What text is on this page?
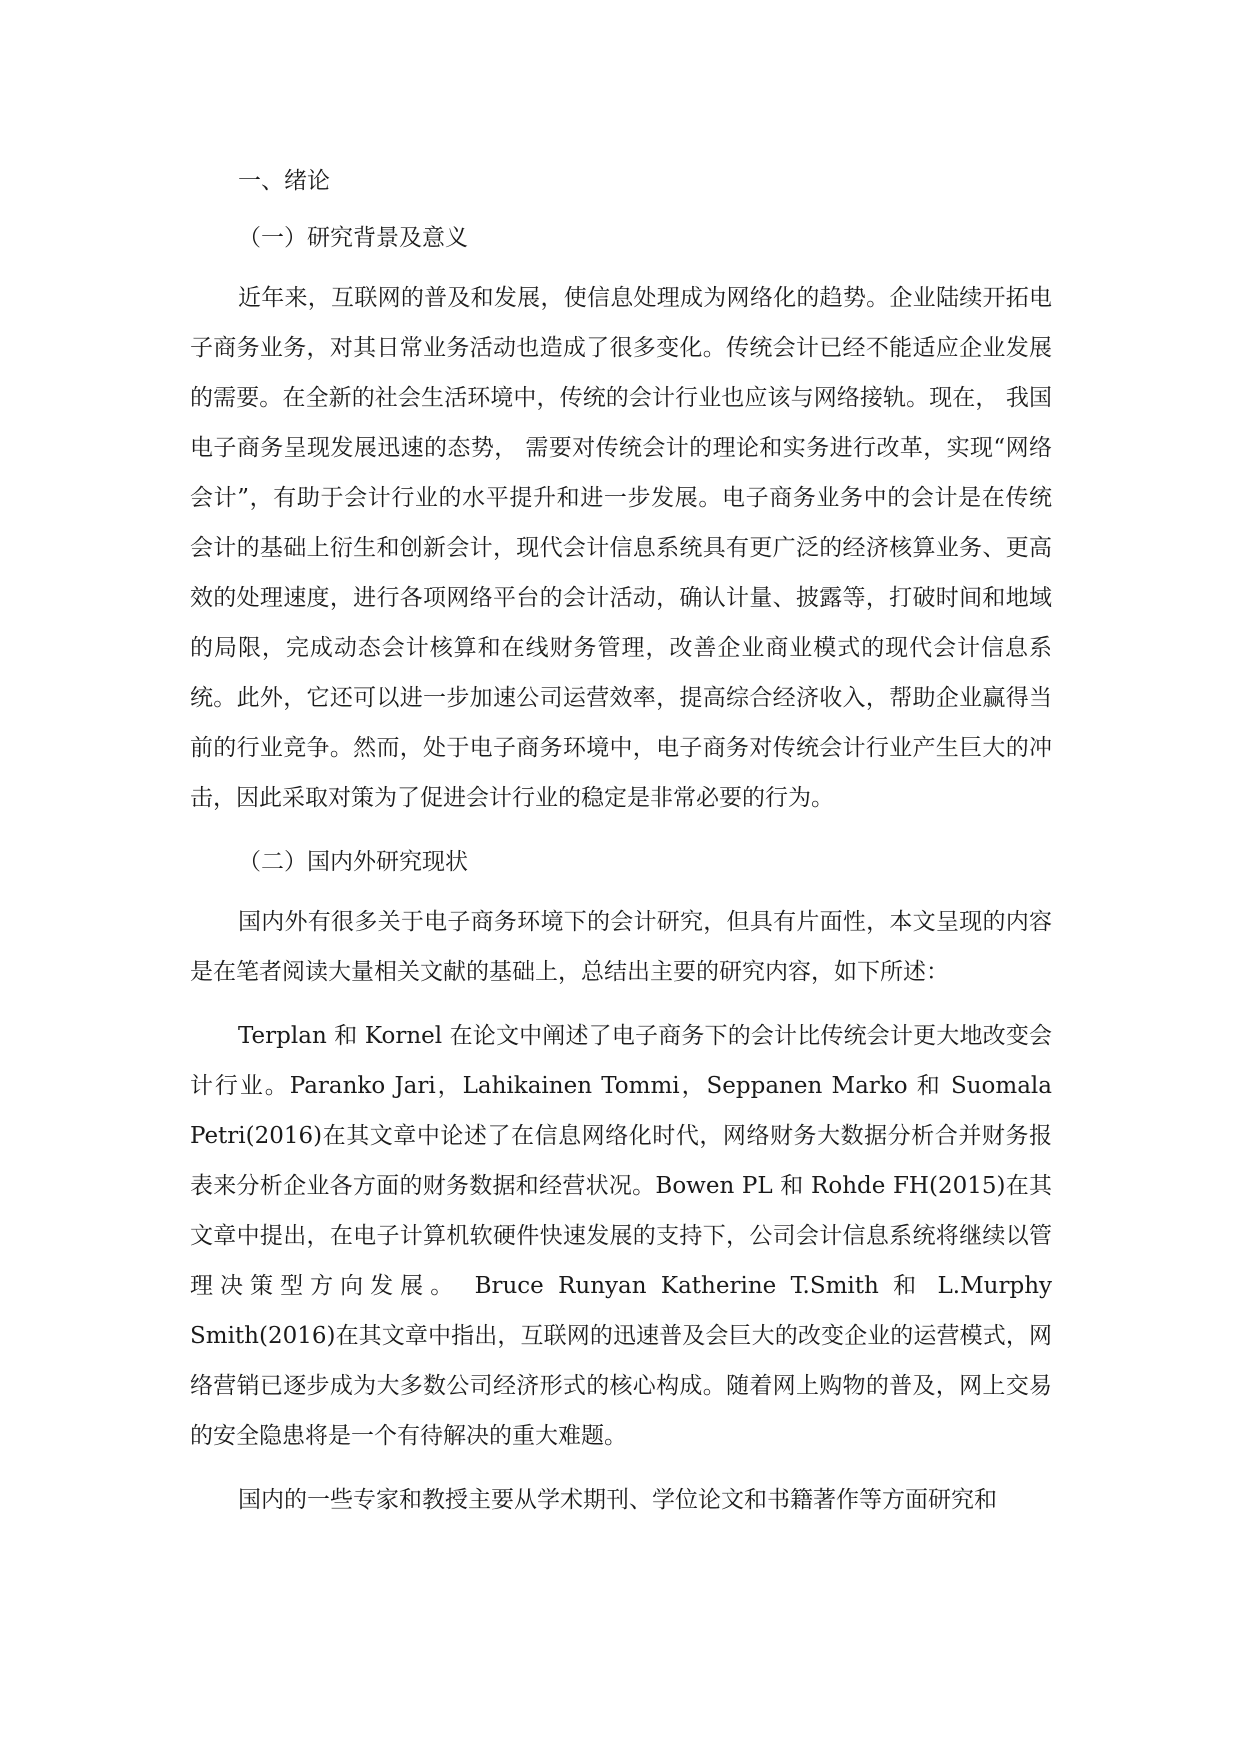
一、绪论
（一）研究背景及意义

近年来，互联网的普及和发展，使信息处理成为网络化的趋势。企业陆续开拓电子商务业务，对其日常业务活动也造成了很多变化。传统会计已经不能适应企业发展的需要。在全新的社会生活环境中，传统的会计行业也应该与网络接轨。现在， 我国电子商务呈现发展迅速的态势， 需要对传统会计的理论和实务进行改革，实现“网络会计”，有助于会计行业的水平提升和进一步发展。电子商务业务中的会计是在传统会计的基础上衍生和创新会计，现代会计信息系统具有更广泛的经济核算业务、更高效的处理速度，进行各项网络平台的会计活动，确认计量、披露等，打破时间和地域的局限，完成动态会计核算和在线财务管理，改善企业商业模式的现代会计信息系统。此外，它还可以进一步加速公司运营效率，提高综合经济收入，帮助企业赢得当前的行业竞争。然而，处于电子商务环境中，电子商务对传统会计行业产生巨大的冲击，因此采取对策为了促进会计行业的稳定是非常必要的行为。

（二）国内外研究现状

国内外有很多关于电子商务环境下的会计研究，但具有片面性，本文呈现的内容是在笔者阅读大量相关文献的基础上，总结出主要的研究内容，如下所述：

Terplan 和 Kornel 在论文中阐述了电子商务下的会计比传统会计更大地改变会计行业。Paranko Jari，Lahikainen Tommi，Seppanen Marko 和 Suomala Petri(2016)在其文章中论述了在信息网络化时代，网络财务大数据分析合并财务报表来分析企业各方面的财务数据和经营状况。Bowen PL 和 Rohde FH(2015)在其文章中提出，在电子计算机软硬件快速发展的支持下，公司会计信息系统将继续以管理决策型方向发展。 Bruce Runyan Katherine T.Smith 和 L.Murphy Smith(2016)在其文章中指出，互联网的迅速普及会巨大的改变企业的运营模式，网络营销已逐步成为大多数公司经济形式的核心构成。随着网上购物的普及，网上交易的安全隐患将是一个有待解决的重大难题。

国内的一些专家和教授主要从学术期刊、学位论文和书籍著作等方面研究和
